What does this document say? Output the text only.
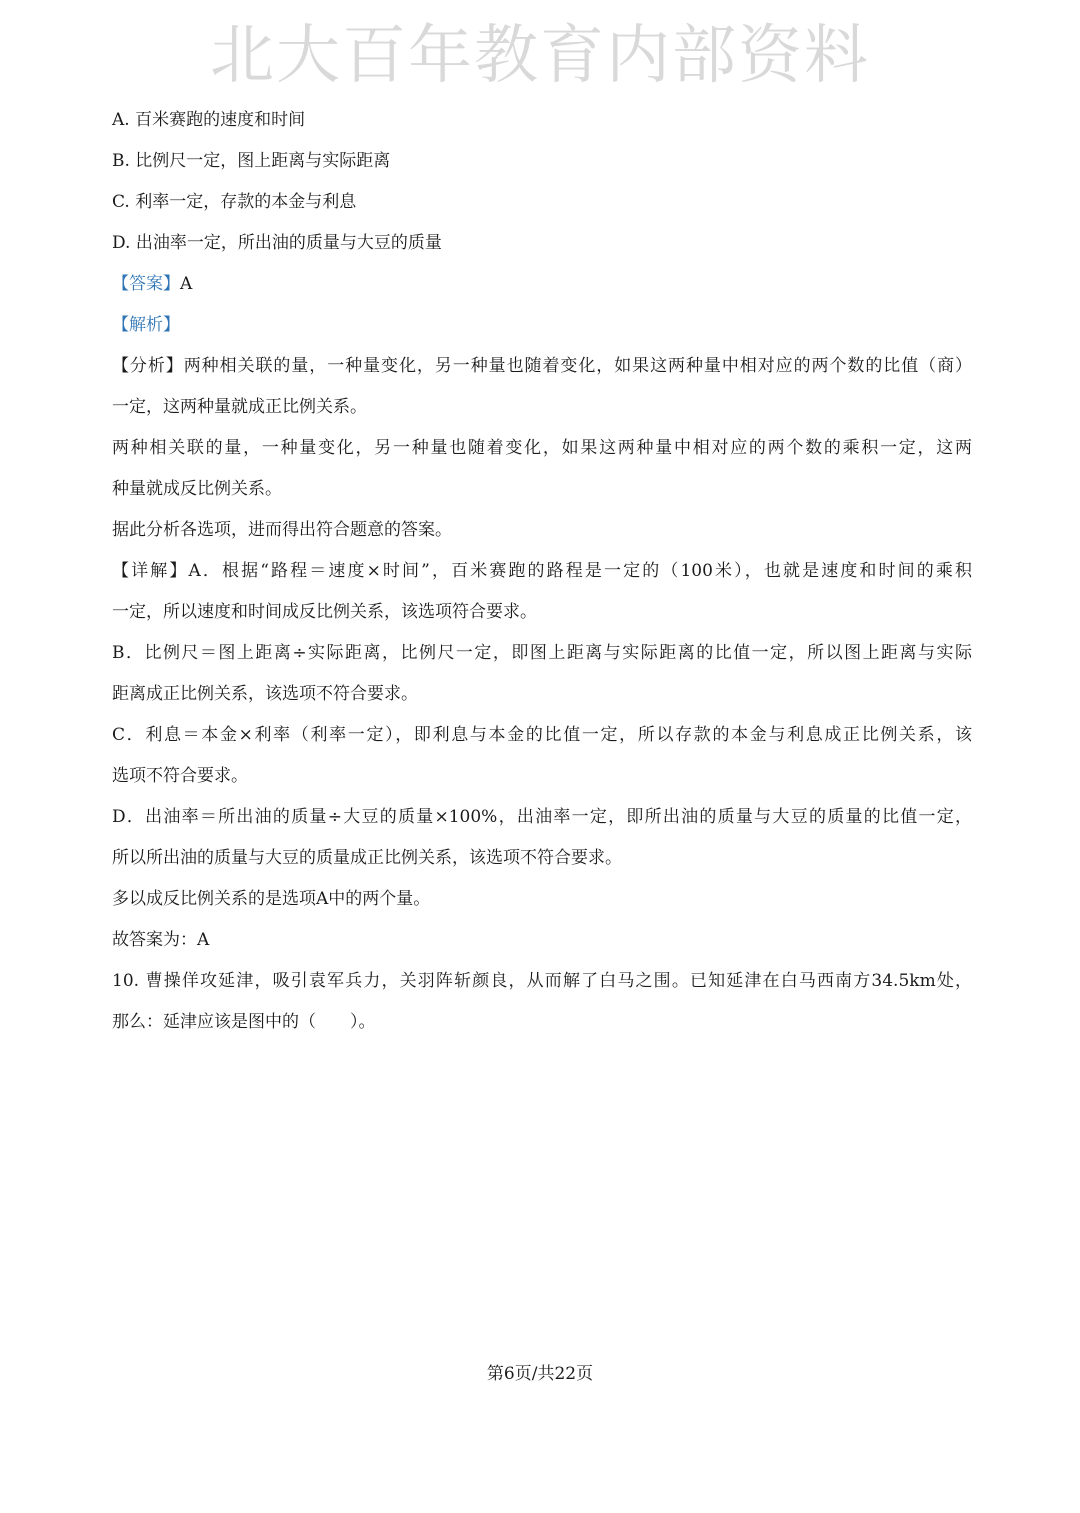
北大百年教育内部资料
A. 百米赛跑的速度和时间
B. 比例尺一定，图上距离与实际距离
C. 利率一定，存款的本金与利息
D. 出油率一定，所出油的质量与大豆的质量
【答案】A
【解析】
【分析】两种相关联的量，一种量变化，另一种量也随着变化，如果这两种量中相对应的两个数的比值（商）
一定，这两种量就成正比例关系。
两种相关联的量，一种量变化，另一种量也随着变化，如果这两种量中相对应的两个数的乘积一定，这两
种量就成反比例关系。
据此分析各选项，进而得出符合题意的答案。
【详解】A．根据“路程＝速度×时间”，百米赛跑的路程是一定的（100米），也就是速度和时间的乘积
一定，所以速度和时间成反比例关系，该选项符合要求。
B．比例尺＝图上距离÷实际距离，比例尺一定，即图上距离与实际距离的比值一定，所以图上距离与实际
距离成正比例关系，该选项不符合要求。
C．利息＝本金×利率（利率一定），即利息与本金的比值一定，所以存款的本金与利息成正比例关系，该
选项不符合要求。
D．出油率＝所出油的质量÷大豆的质量×100%，出油率一定，即所出油的质量与大豆的质量的比值一定，
所以所出油的质量与大豆的质量成正比例关系，该选项不符合要求。
多以成反比例关系的是选项A中的两个量。
故答案为：A
10. 曹操佯攻延津，吸引袁军兵力，关羽阵斩颜良，从而解了白马之围。已知延津在白马西南方34.5km处，
那么：延津应该是图中的（　　）。
第6页/共22页
